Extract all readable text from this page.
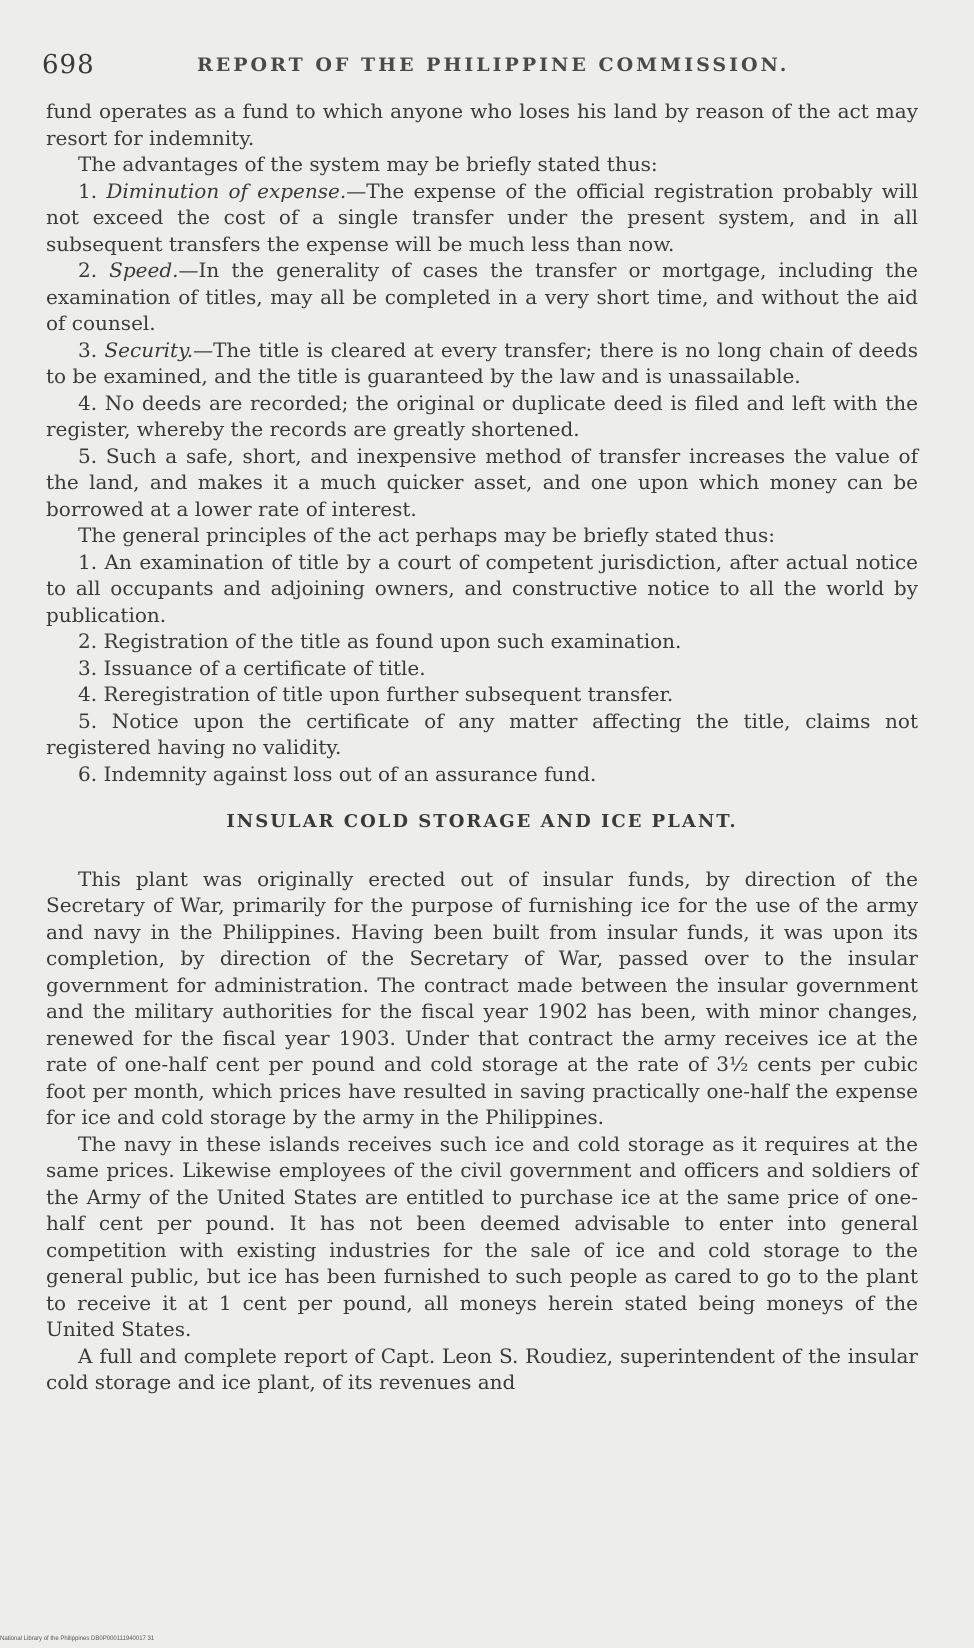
698	REPORT OF THE PHILIPPINE COMMISSION.

fund operates as a fund to which anyone who loses his land by reason of the act may resort for indemnity.

The advantages of the system may be briefly stated thus:

1. Diminution of expense.—The expense of the official registration probably will not exceed the cost of a single transfer under the present system, and in all subsequent transfers the expense will be much less than now.

2. Speed.—In the generality of cases the transfer or mortgage, including the examination of titles, may all be completed in a very short time, and without the aid of counsel.

3. Security.—The title is cleared at every transfer; there is no long chain of deeds to be examined, and the title is guaranteed by the law and is unassailable.

4. No deeds are recorded; the original or duplicate deed is filed and left with the register, whereby the records are greatly shortened.

5. Such a safe, short, and inexpensive method of transfer increases the value of the land, and makes it a much quicker asset, and one upon which money can be borrowed at a lower rate of interest.

The general principles of the act perhaps may be briefly stated thus:

1. An examination of title by a court of competent jurisdiction, after actual notice to all occupants and adjoining owners, and constructive notice to all the world by publication.

2. Registration of the title as found upon such examination.

3. Issuance of a certificate of title.

4. Reregistration of title upon further subsequent transfer.

5. Notice upon the certificate of any matter affecting the title, claims not registered having no validity.

6. Indemnity against loss out of an assurance fund.

INSULAR COLD STORAGE AND ICE PLANT.

This plant was originally erected out of insular funds, by direction of the Secretary of War, primarily for the purpose of furnishing ice for the use of the army and navy in the Philippines. Having been built from insular funds, it was upon its completion, by direction of the Secretary of War, passed over to the insular government for administration. The contract made between the insular government and the military authorities for the fiscal year 1902 has been, with minor changes, renewed for the fiscal year 1903. Under that contract the army receives ice at the rate of one-half cent per pound and cold storage at the rate of 3½ cents per cubic foot per month, which prices have resulted in saving practically one-half the expense for ice and cold storage by the army in the Philippines.

The navy in these islands receives such ice and cold storage as it requires at the same prices. Likewise employees of the civil government and officers and soldiers of the Army of the United States are entitled to purchase ice at the same price of one-half cent per pound. It has not been deemed advisable to enter into general competition with existing industries for the sale of ice and cold storage to the general public, but ice has been furnished to such people as cared to go to the plant to receive it at 1 cent per pound, all moneys herein stated being moneys of the United States.

A full and complete report of Capt. Leon S. Roudiez, superintendent of the insular cold storage and ice plant, of its revenues and

National Library of the Philippines DB0P000111940017 31
